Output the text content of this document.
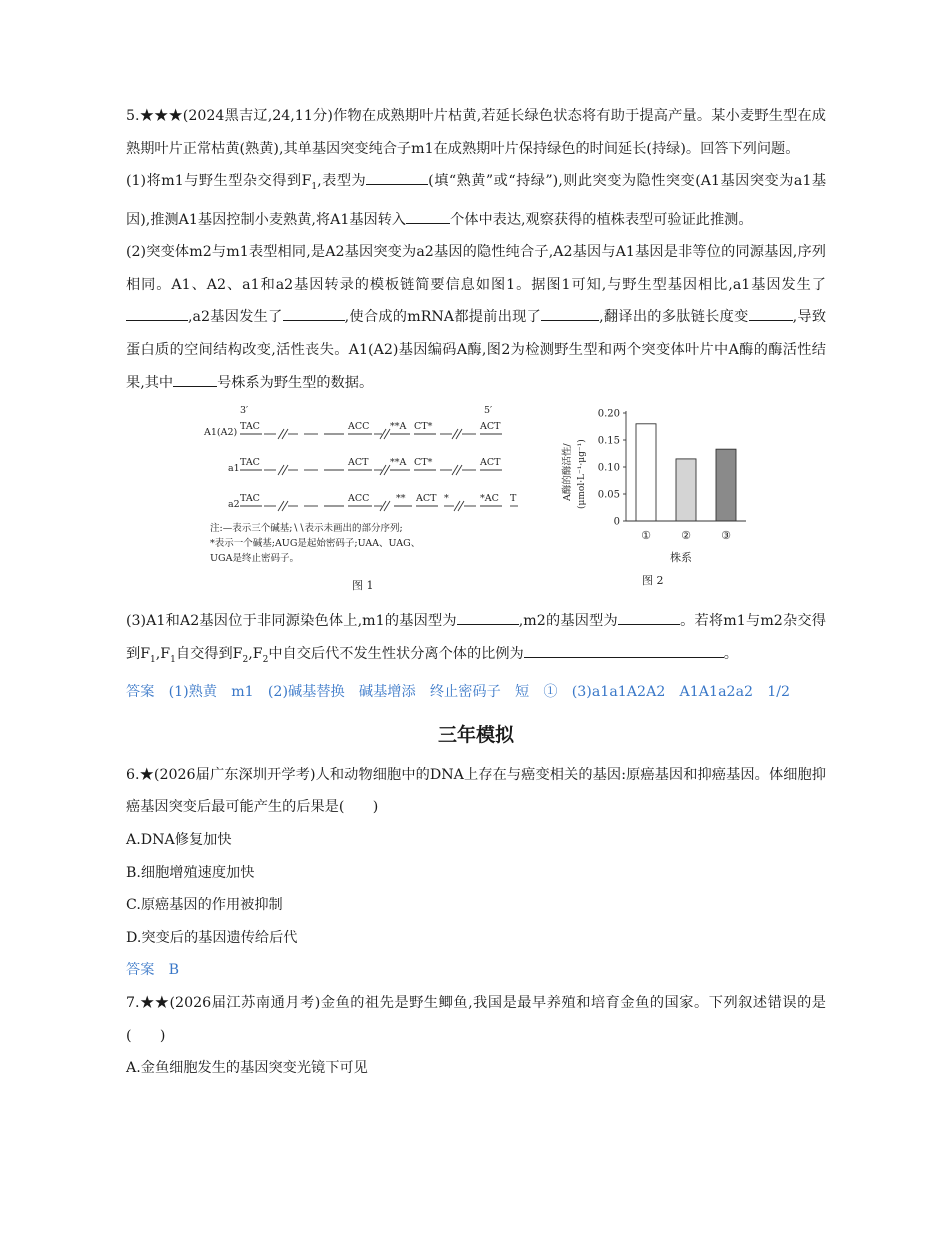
5.★★★(2024黑吉辽,24,11分)作物在成熟期叶片枯黄,若延长绿色状态将有助于提高产量。某小麦野生型在成熟期叶片正常枯黄(熟黄),其单基因突变纯合子m1在成熟期叶片保持绿色的时间延长(持绿)。回答下列问题。

(1)将m1与野生型杂交得到$F_1$,表型为	(填“熟黄”或“持绿”),则此突变为隐性突变(A1基因突变为a1基因),推测A1基因控制小麦熟黄,将A1基因转入	个体中表达,观察获得的植株表型可验证此推测。

(2)突变体m2与m1表型相同,是A2基因突变为a2基因的隐性纯合子,A2基因与A1基因是非等位的同源基因,序列相同。A1、A2、a1和a2基因转录的模板链简要信息如图1。据图1可知,与野生型基因相比,a1基因发生了,a2基因发生了	,使合成的mRNA都提前出现了	,翻译出的多肽链长度变	,导致蛋白质的空间结构改变,活性丧失。A1(A2)基因编码A酶,图2为检测野生型和两个突变体叶片中A酶的酶活性结果,其中	号株系为野生型的数据。

3′	5′
A1(A2)
TAC	ACC **A CT*	ACT
a1
TAC	ACT **A CT*	ACT
a2
TAC	ACC	** ACT *	*AC T
注:—表示三个碱基;∖∖表示未画出的部分序列;
*表示一个碱基;AUG是起始密码子;UAA、UAG、
UGA是终止密码子。
图 1
0
0.05
0.10
0.15
0.20
①	②	③
A酶的酶活性/ (μmol·L⁻¹·μg⁻¹)
株系
图 2

(3)A1和A2基因位于非同源染色体上,m1的基因型为	,m2的基因型为	。若将m1与m2杂交得到$F_1,F_1$自交得到$F_2,F_2$中自交后代不发生性状分离个体的比例为	。

答案　(1)熟黄　m1　(2)碱基替换　碱基增添　终止密码子　短　①　(3)a1a1A2A2　A1A1a2a2　1/2

三年模拟

6.★(2026届广东深圳开学考)人和动物细胞中的DNA上存在与癌变相关的基因:原癌基因和抑癌基因。体细胞抑癌基因突变后最可能产生的后果是(　　)

A.DNA修复加快

B.细胞增殖速度加快

C.原癌基因的作用被抑制

D.突变后的基因遗传给后代

答案　B

7.★★(2026届江苏南通月考)金鱼的祖先是野生鲫鱼,我国是最早养殖和培育金鱼的国家。下列叙述错误的是(　　)

A.金鱼细胞发生的基因突变光镜下可见
